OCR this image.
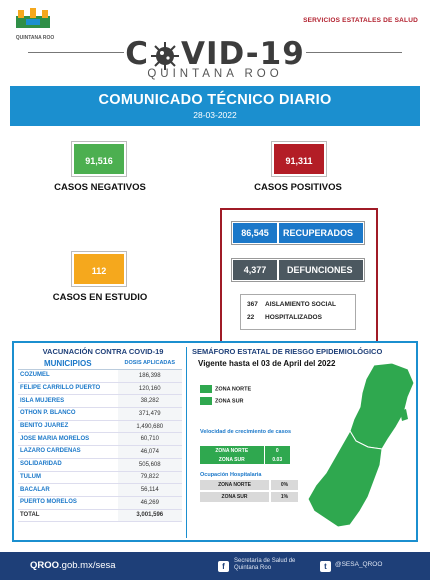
QUINTANA ROO
SERVICIOS ESTATALES DE SALUD
C VID-19
QUINTANA ROO
COMUNICADO TÉCNICO DIARIO
28-03-2022
91,516
CASOS NEGATIVOS
91,311
CASOS POSITIVOS
112
CASOS EN ESTUDIO
86,545	RECUPERADOS
4,377	DEFUNCIONES
367 AISLAMIENTO SOCIAL
22 HOSPITALIZADOS
VACUNACIÓN CONTRA COVID-19
MUNICIPIOS	DOSIS APLICADAS
COZUMEL	186,398
FELIPE CARRILLO PUERTO	120,160
ISLA MUJERES	38,282
OTHON P. BLANCO	371,479
BENITO JUAREZ	1,490,680
JOSE MARIA MORELOS	60,710
LAZARO CARDENAS	46,074
SOLIDARIDAD	505,608
TULUM	79,822
BACALAR	56,114
PUERTO MORELOS	46,269
TOTAL	3,001,596
SEMÁFORO ESTATAL DE RIESGO EPIDEMIOLÓGICO
Vigente hasta el 03 de April del 2022
ZONA NORTE
ZONA SUR
Velocidad de crecimiento de casos
ZONA NORTE	0
ZONA SUR	0.03
Ocupación Hospitalaria
ZONA NORTE	0%
ZONA SUR	1%
QROO.gob.mx/sesa	f
Secretaría de Salud de Quintana Roo	t	@SESA_QROO
